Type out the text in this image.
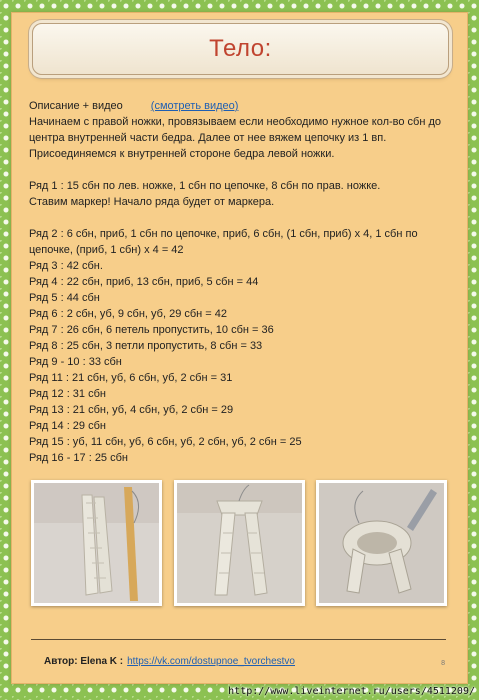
Тело:

Описание + видео	(смотреть видео)

Начинаем с правой ножки, провязываем если необходимо нужное кол-во сбн до центра внутренней части бедра. Далее от нее вяжем цепочку из 1 вп. Присоединяемся к внутренней стороне бедра левой ножки.

Ряд 1 : 15 сбн по лев. ножке, 1 сбн по цепочке, 8 сбн по прав. ножке.

Ставим маркер! Начало ряда будет от маркера.

Ряд 2 : 6 сбн, приб, 1 сбн по цепочке, приб, 6 сбн, (1 сбн, приб) х 4, 1 сбн по цепочке, (приб, 1 сбн) х 4 = 42

Ряд 3 : 42 сбн.

Ряд 4 : 22 сбн, приб, 13 сбн, приб, 5 сбн = 44

Ряд 5 : 44 сбн

Ряд 6 : 2 сбн, уб, 9 сбн, уб, 29 сбн = 42

Ряд 7 : 26 сбн, 6 петель пропустить, 10 сбн = 36

Ряд 8 : 25 сбн, 3 петли пропустить, 8 сбн = 33

Ряд 9 - 10 : 33 сбн

Ряд 11 : 21 сбн, уб, 6 сбн, уб, 2 сбн = 31

Ряд 12 : 31 сбн

Ряд 13 : 21 сбн, уб, 4 сбн, уб, 2 сбн = 29

Ряд 14 : 29 сбн

Ряд 15 : уб, 11 сбн, уб, 6 сбн, уб, 2 сбн, уб, 2 сбн = 25

Ряд 16 - 17 : 25 сбн

Автор: Elena K : https://vk.com/dostupnoe_tvorchestvo	8
http://www.liveinternet.ru/users/4511209/
